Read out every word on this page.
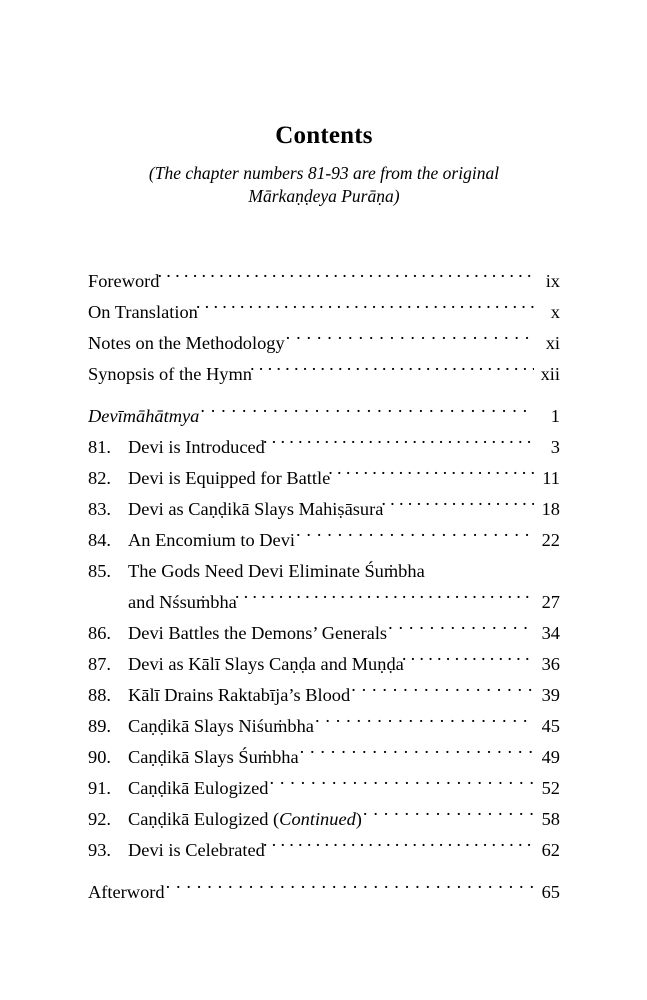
Contents

(The chapter numbers 81-93 are from the original
Mārkaṇḍeya Purāṇa)

Foreword . . .	ix
On Translation . . .	x
Notes on the Methodology . . .	xi
Synopsis of the Hymn . . .	xii
Devīmāhātmya . . .	1
81. Devi is Introduced . . .	3
82. Devi is Equipped for Battle . . .	11
83. Devi as Caṇḍikā Slays Mahiṣāsura . . .	18
84. An Encomium to Devi . . .	22
85. The Gods Need Devi Eliminate Śuṁbha
and Nśsuṁbha . . .	27
86. Devi Battles the Demons’ Generals . . .	34
87. Devi as Kālī Slays Caṇḍa and Muṇḍa . . .	36
88. Kālī Drains Raktabīja’s Blood . . .	39
89. Caṇḍikā Slays Niśuṁbha . . .	45
90. Caṇḍikā Slays Śuṁbha . . .	49
91. Caṇḍikā Eulogized . . .	52
92. Caṇḍikā Eulogized (Continued) . . .	58
93. Devi is Celebrated . . .	62
Afterword . . .	65
